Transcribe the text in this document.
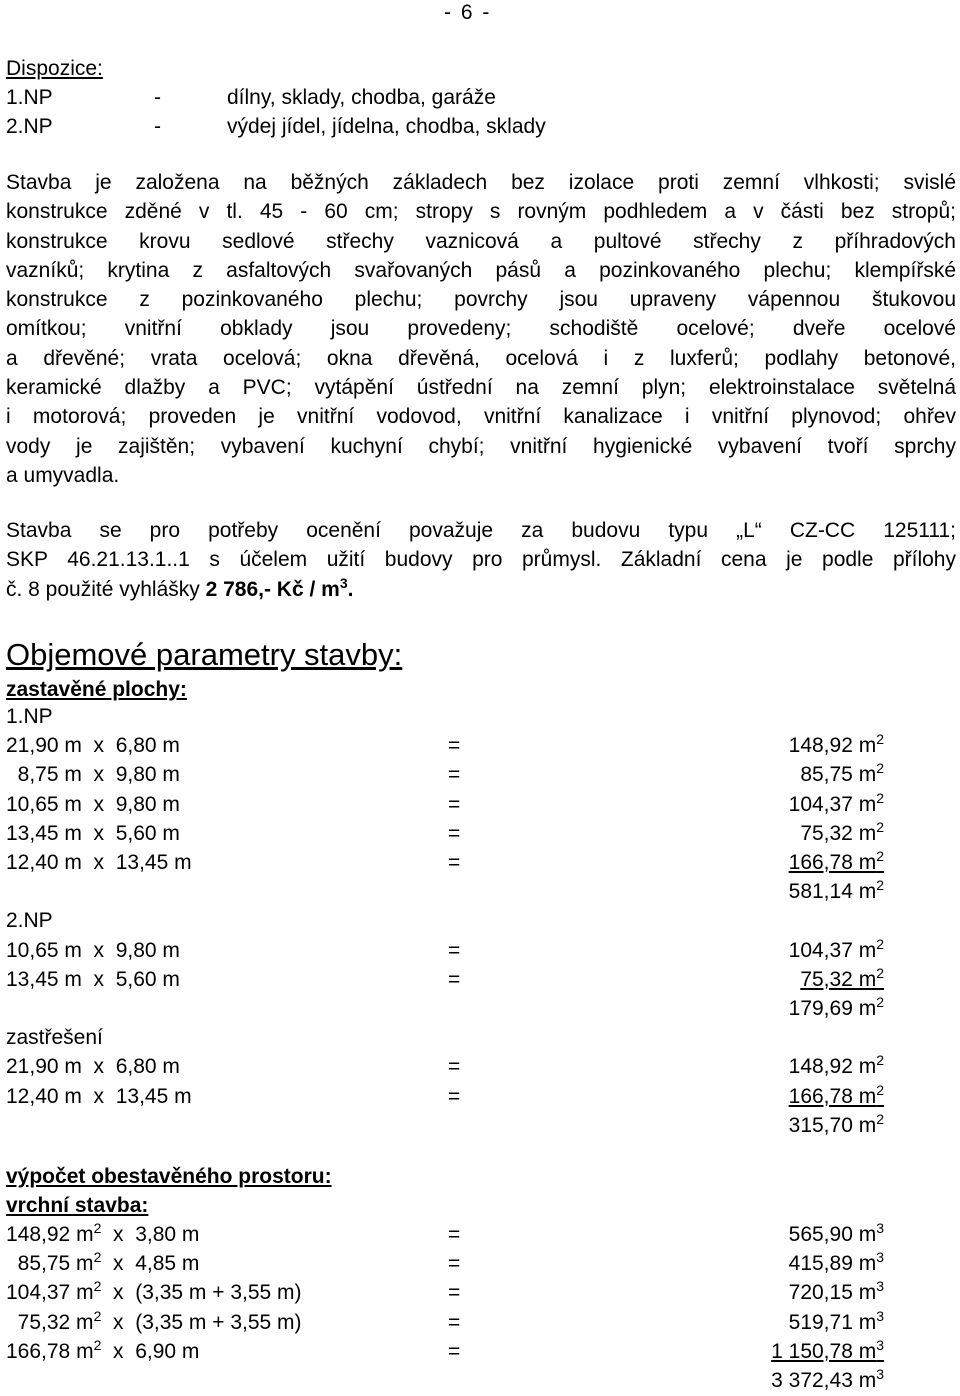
- 6 -
Dispozice:
1.NP	-	dílny, sklady, chodba, garáže
2.NP	-	výdej jídel, jídelna, chodba, sklady
Stavba je založena na běžných základech bez izolace proti zemní vlhkosti; svislé
konstrukce zděné v tl. 45 - 60 cm; stropy s rovným podhledem a v části bez stropů;
konstrukce krovu sedlové střechy vaznicová a pultové střechy z příhradových
vazníků; krytina z asfaltových svařovaných pásů a pozinkovaného plechu; klempířské
konstrukce z pozinkovaného plechu; povrchy jsou upraveny vápennou štukovou
omítkou; vnitřní obklady jsou provedeny; schodiště ocelové; dveře ocelové
a dřevěné; vrata ocelová; okna dřevěná, ocelová i z luxferů; podlahy betonové,
keramické dlažby a PVC; vytápění ústřední na zemní plyn; elektroinstalace světelná
i motorová; proveden je vnitřní vodovod, vnitřní kanalizace i vnitřní plynovod; ohřev
vody je zajištěn; vybavení kuchyní chybí; vnitřní hygienické vybavení tvoří sprchy
a umyvadla.
Stavba se pro potřeby ocenění považuje za budovu typu „L“ CZ-CC 125111;
SKP 46.21.13.1..1 s účelem užití budovy pro průmysl. Základní cena je podle přílohy
č. 8 použité vyhlášky 2 786,- Kč / $m^3$.
Objemové parametry stavby:
zastavěné plochy:
1.NP
21,90 m  x  6,80 m	=	148,92 $m^2$
8,75 m  x  9,80 m	=	85,75 $m^2$
10,65 m  x  9,80 m	=	104,37 $m^2$
13,45 m  x  5,60 m	=	75,32 $m^2$
12,40 m  x  13,45 m	=	166,78 $m^2$
581,14 $m^2$
2.NP
10,65 m  x  9,80 m	=	104,37 $m^2$
13,45 m  x  5,60 m	=	75,32 $m^2$
179,69 $m^2$
zastřešení
21,90 m  x  6,80 m	=	148,92 $m^2$
12,40 m  x  13,45 m	=	166,78 $m^2$
315,70 $m^2$
výpočet obestavěného prostoru:
vrchní stavba:
148,92 $m^2$  x  3,80 m	=	565,90 $m^3$
85,75 $m^2$  x  4,85 m	=	415,89 $m^3$
104,37 $m^2$  x  (3,35 m + 3,55 m)	=	720,15 $m^3$
75,32 $m^2$  x  (3,35 m + 3,55 m)	=	519,71 $m^3$
166,78 $m^2$  x  6,90 m	=	1 150,78 $m^3$
3 372,43 $m^3$
